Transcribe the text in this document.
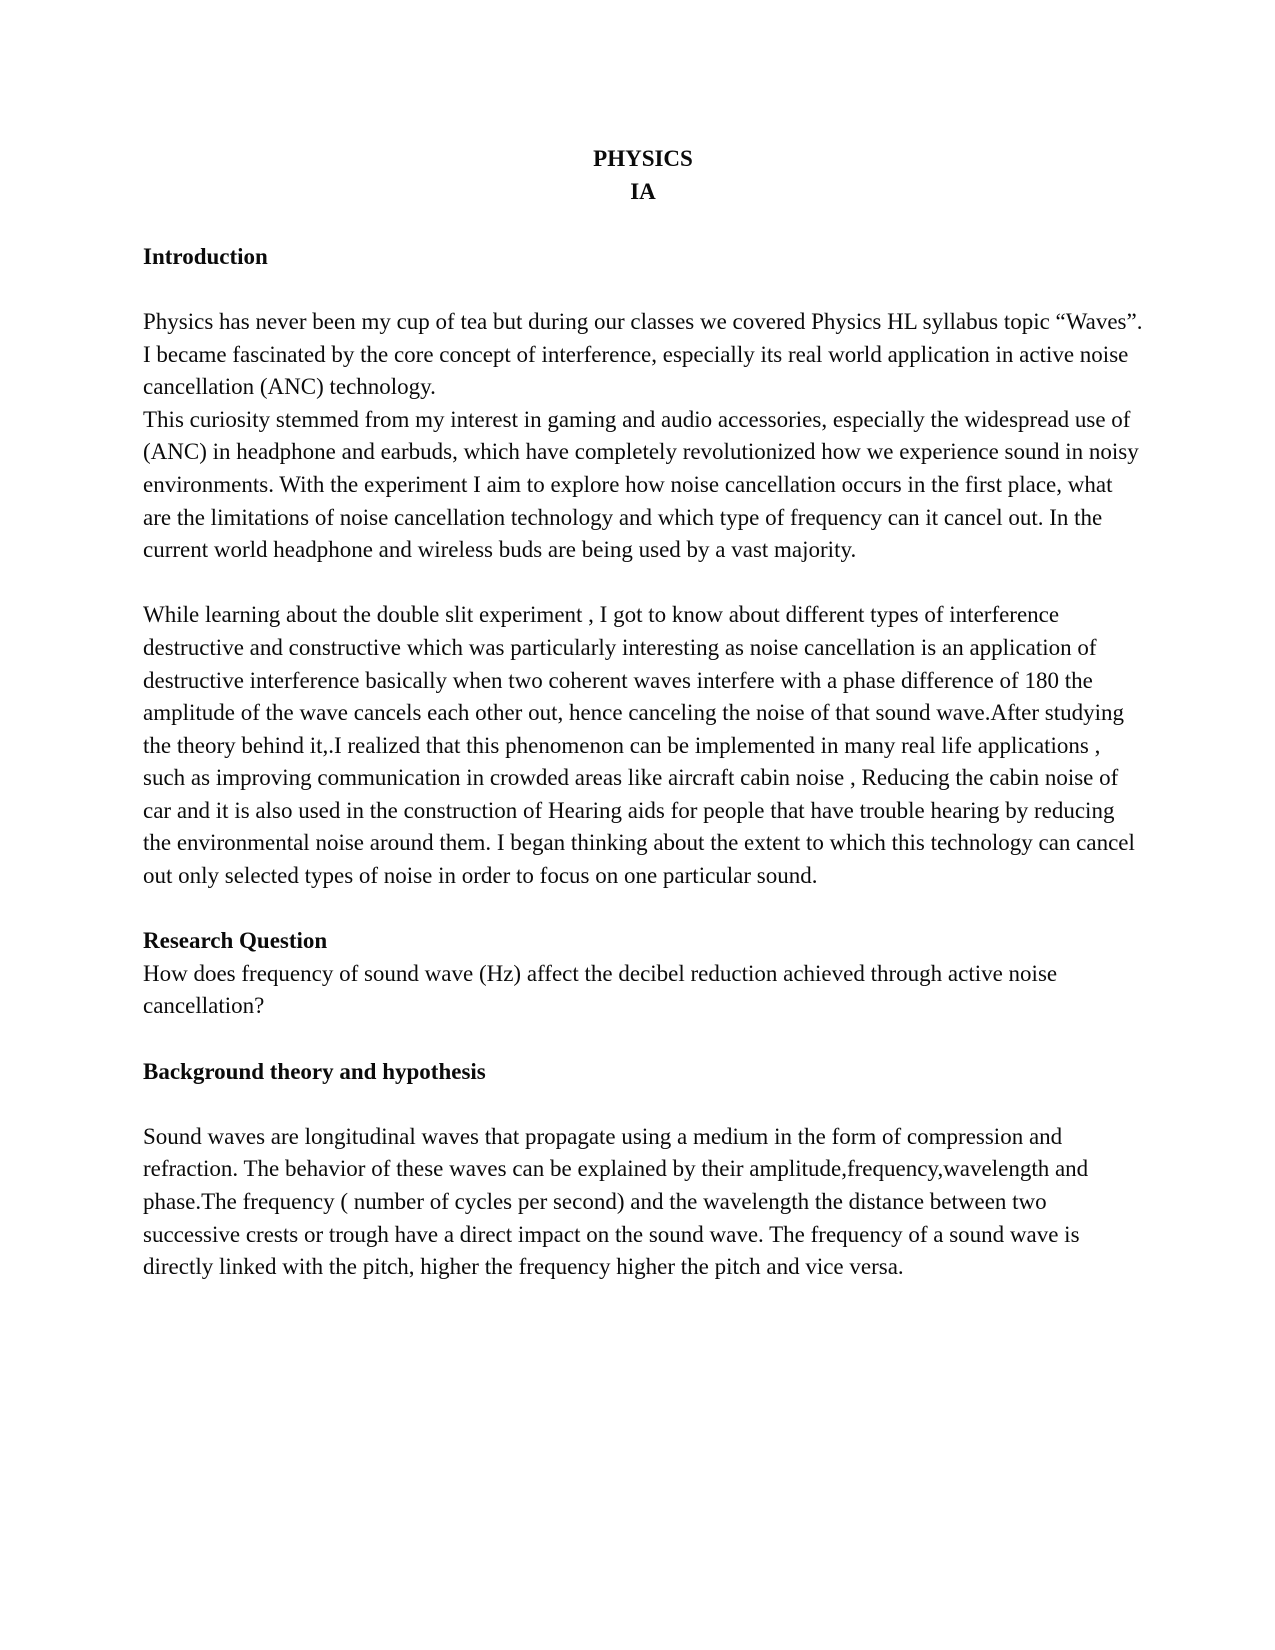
PHYSICS

IA

Introduction

Physics has never been my cup of tea but during our classes we covered Physics HL syllabus topic “Waves”. I became fascinated by the core concept of interference, especially its real world application in active noise cancellation (ANC) technology.

This curiosity stemmed from my interest in gaming and audio accessories, especially the widespread use of (ANC) in headphone and earbuds, which have completely revolutionized how we experience sound in noisy environments. With the experiment I aim to explore how noise cancellation occurs in the first place, what are the limitations of noise cancellation technology and which type of frequency can it cancel out. In the current world headphone and wireless buds are being used by a vast majority.

While learning about the double slit experiment , I got to know about different types of interference destructive and constructive which was particularly interesting as noise cancellation is an application of destructive interference basically when two coherent waves interfere with a phase difference of 180 the amplitude of the wave cancels each other out, hence canceling the noise of that sound wave.After studying the theory behind it,.I realized that this phenomenon can be implemented in many real life applications , such as improving communication in crowded areas like aircraft cabin noise , Reducing the cabin noise of car and it is also used in the construction of Hearing aids for people that have trouble hearing by reducing the environmental noise around them. I began thinking about the extent to which this technology can cancel out only selected types of noise in order to focus on one particular sound.

Research Question

How does frequency of sound wave (Hz) affect the decibel reduction achieved through active noise cancellation?

Background theory and hypothesis

Sound waves are longitudinal waves that propagate using a medium in the form of compression and refraction. The behavior of these waves can be explained by their amplitude,frequency,wavelength and phase.The frequency ( number of cycles per second) and the wavelength the distance between two successive crests or trough have a direct impact on the sound wave. The frequency of a sound wave is directly linked with the pitch, higher the frequency higher the pitch and vice versa.
